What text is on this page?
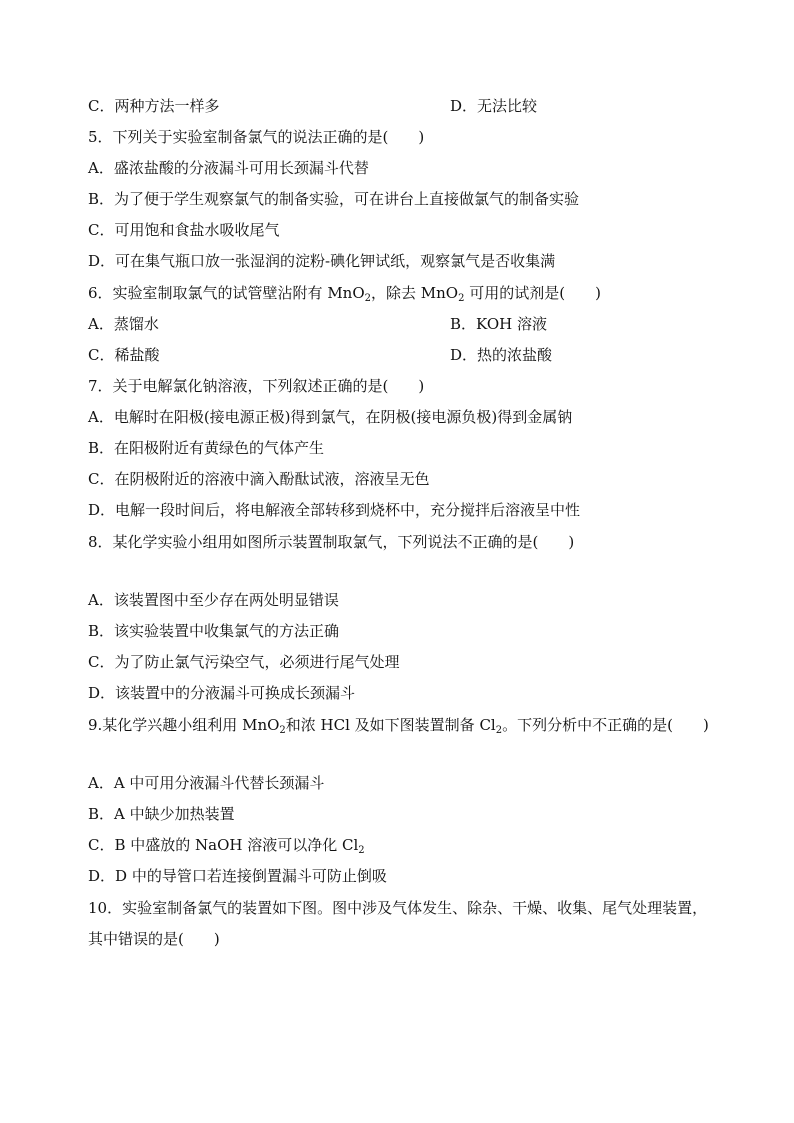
C．两种方法一样多	D．无法比较
5．下列关于实验室制备氯气的说法正确的是(　　)
A．盛浓盐酸的分液漏斗可用长颈漏斗代替
B．为了便于学生观察氯气的制备实验，可在讲台上直接做氯气的制备实验
C．可用饱和食盐水吸收尾气
D．可在集气瓶口放一张湿润的淀粉-碘化钾试纸，观察氯气是否收集满
6．实验室制取氯气的试管壁沾附有 MnO$_2$，除去 MnO$_2$ 可用的试剂是(　　)
A．蒸馏水	B．KOH 溶液
C．稀盐酸	D．热的浓盐酸
7．关于电解氯化钠溶液，下列叙述正确的是(　　)
A．电解时在阳极(接电源正极)得到氯气，在阴极(接电源负极)得到金属钠
B．在阳极附近有黄绿色的气体产生
C．在阴极附近的溶液中滴入酚酞试液，溶液呈无色
D．电解一段时间后，将电解液全部转移到烧杯中，充分搅拌后溶液呈中性
8．某化学实验小组用如图所示装置制取氯气，下列说法不正确的是(　　)
A．该装置图中至少存在两处明显错误
B．该实验装置中收集氯气的方法正确
C．为了防止氯气污染空气，必须进行尾气处理
D．该装置中的分液漏斗可换成长颈漏斗
9.某化学兴趣小组利用 MnO$_2$和浓 HCl 及如下图装置制备 $Cl_2$。下列分析中不正确的是(　　)
A．A 中可用分液漏斗代替长颈漏斗
B．A 中缺少加热装置
C．B 中盛放的 NaOH 溶液可以净化 $Cl_2$
D．D 中的导管口若连接倒置漏斗可防止倒吸
10．实验室制备氯气的装置如下图。图中涉及气体发生、除杂、干燥、收集、尾气处理装置，
其中错误的是(　　)
